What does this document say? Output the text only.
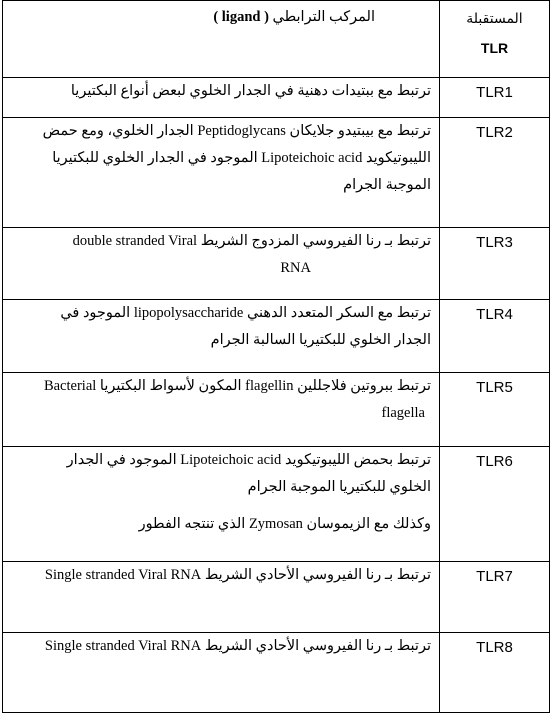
المستقبلة
TLR	المركب الترابطي ( ligand )
TLR1	ترتبط مع ببتيدات دهنية في الجدار الخلوي لبعض أنواع البكتيريا

TLR2	ترتبط مع بيبتيدو جلايكان Peptidoglycans الجدار الخلوي، ومع حمض

الليبوتيكويد Lipoteichoic acid الموجود في الجدار الخلوي للبكتيريا

الموجبة الجرام

TLR3	ترتبط بـ رنا الفيروسي المزدوج الشريط double stranded Viral

RNA

TLR4	ترتبط مع السكر المتعدد الدهني lipopolysaccharide الموجود في

الجدار الخلوي للبكتيريا السالبة الجرام

TLR5	ترتبط ببروتين فلاجللين flagellin المكون لأسواط البكتيريا Bacterial

flagella

TLR6	ترتبط بحمض الليبوتيكويد Lipoteichoic acid الموجود في الجدار

الخلوي للبكتيريا الموجبة الجرام

وكذلك مع الزيموسان Zymosan الذي تنتجه الفطور

TLR7	ترتبط بـ رنا الفيروسي الأحادي الشريط Single stranded Viral RNA

TLR8	ترتبط بـ رنا الفيروسي الأحادي الشريط Single stranded Viral RNA
